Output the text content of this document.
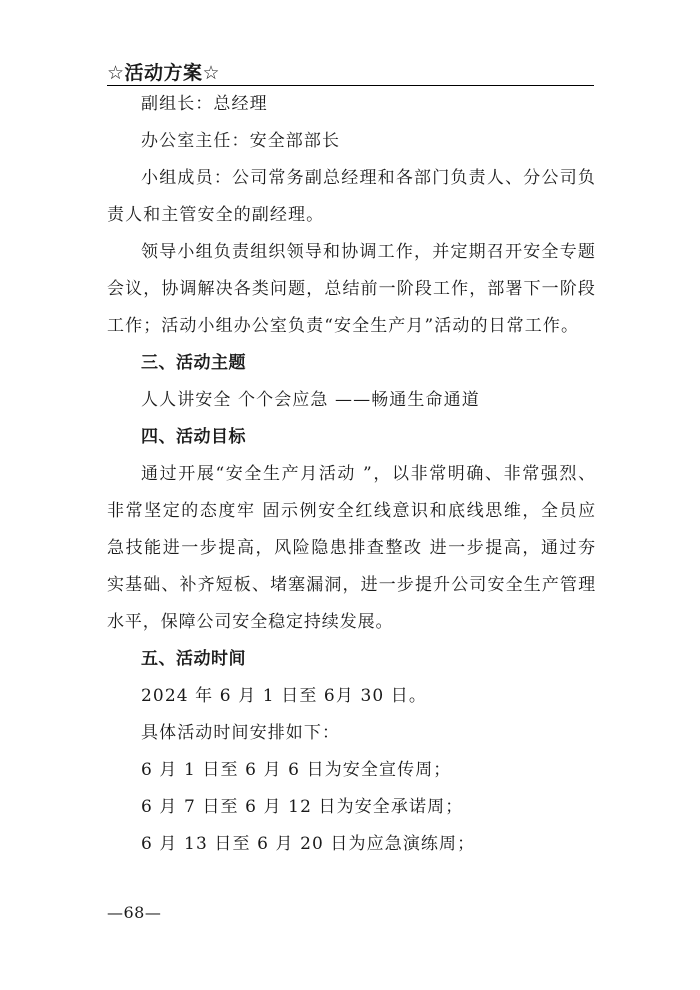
☆活动方案☆

副组长：总经理

办公室主任：安全部部长

小组成员：公司常务副总经理和各部门负责人、分公司负责人和主管安全的副经理。

领导小组负责组织领导和协调工作，并定期召开安全专题会议，协调解决各类问题，总结前一阶段工作，部署下一阶段工作；活动小组办公室负责“安全生产月”活动的日常工作。

三、活动主题

人人讲安全 个个会应急 ——畅通生命通道

四、活动目标

通过开展“安全生产月活动 ”，以非常明确、非常强烈、非常坚定的态度牢 固示例安全红线意识和底线思维，全员应急技能进一步提高，风险隐患排查整改 进一步提高，通过夯实基础、补齐短板、堵塞漏洞，进一步提升公司安全生产管理水平，保障公司安全稳定持续发展。

五、活动时间

2024 年 6 月 1 日至 6月 30 日。

具体活动时间安排如下：

6 月 1 日至 6 月 6 日为安全宣传周；

6 月 7 日至 6 月 12 日为安全承诺周；

6 月 13 日至 6 月 20 日为应急演练周；

—68—
